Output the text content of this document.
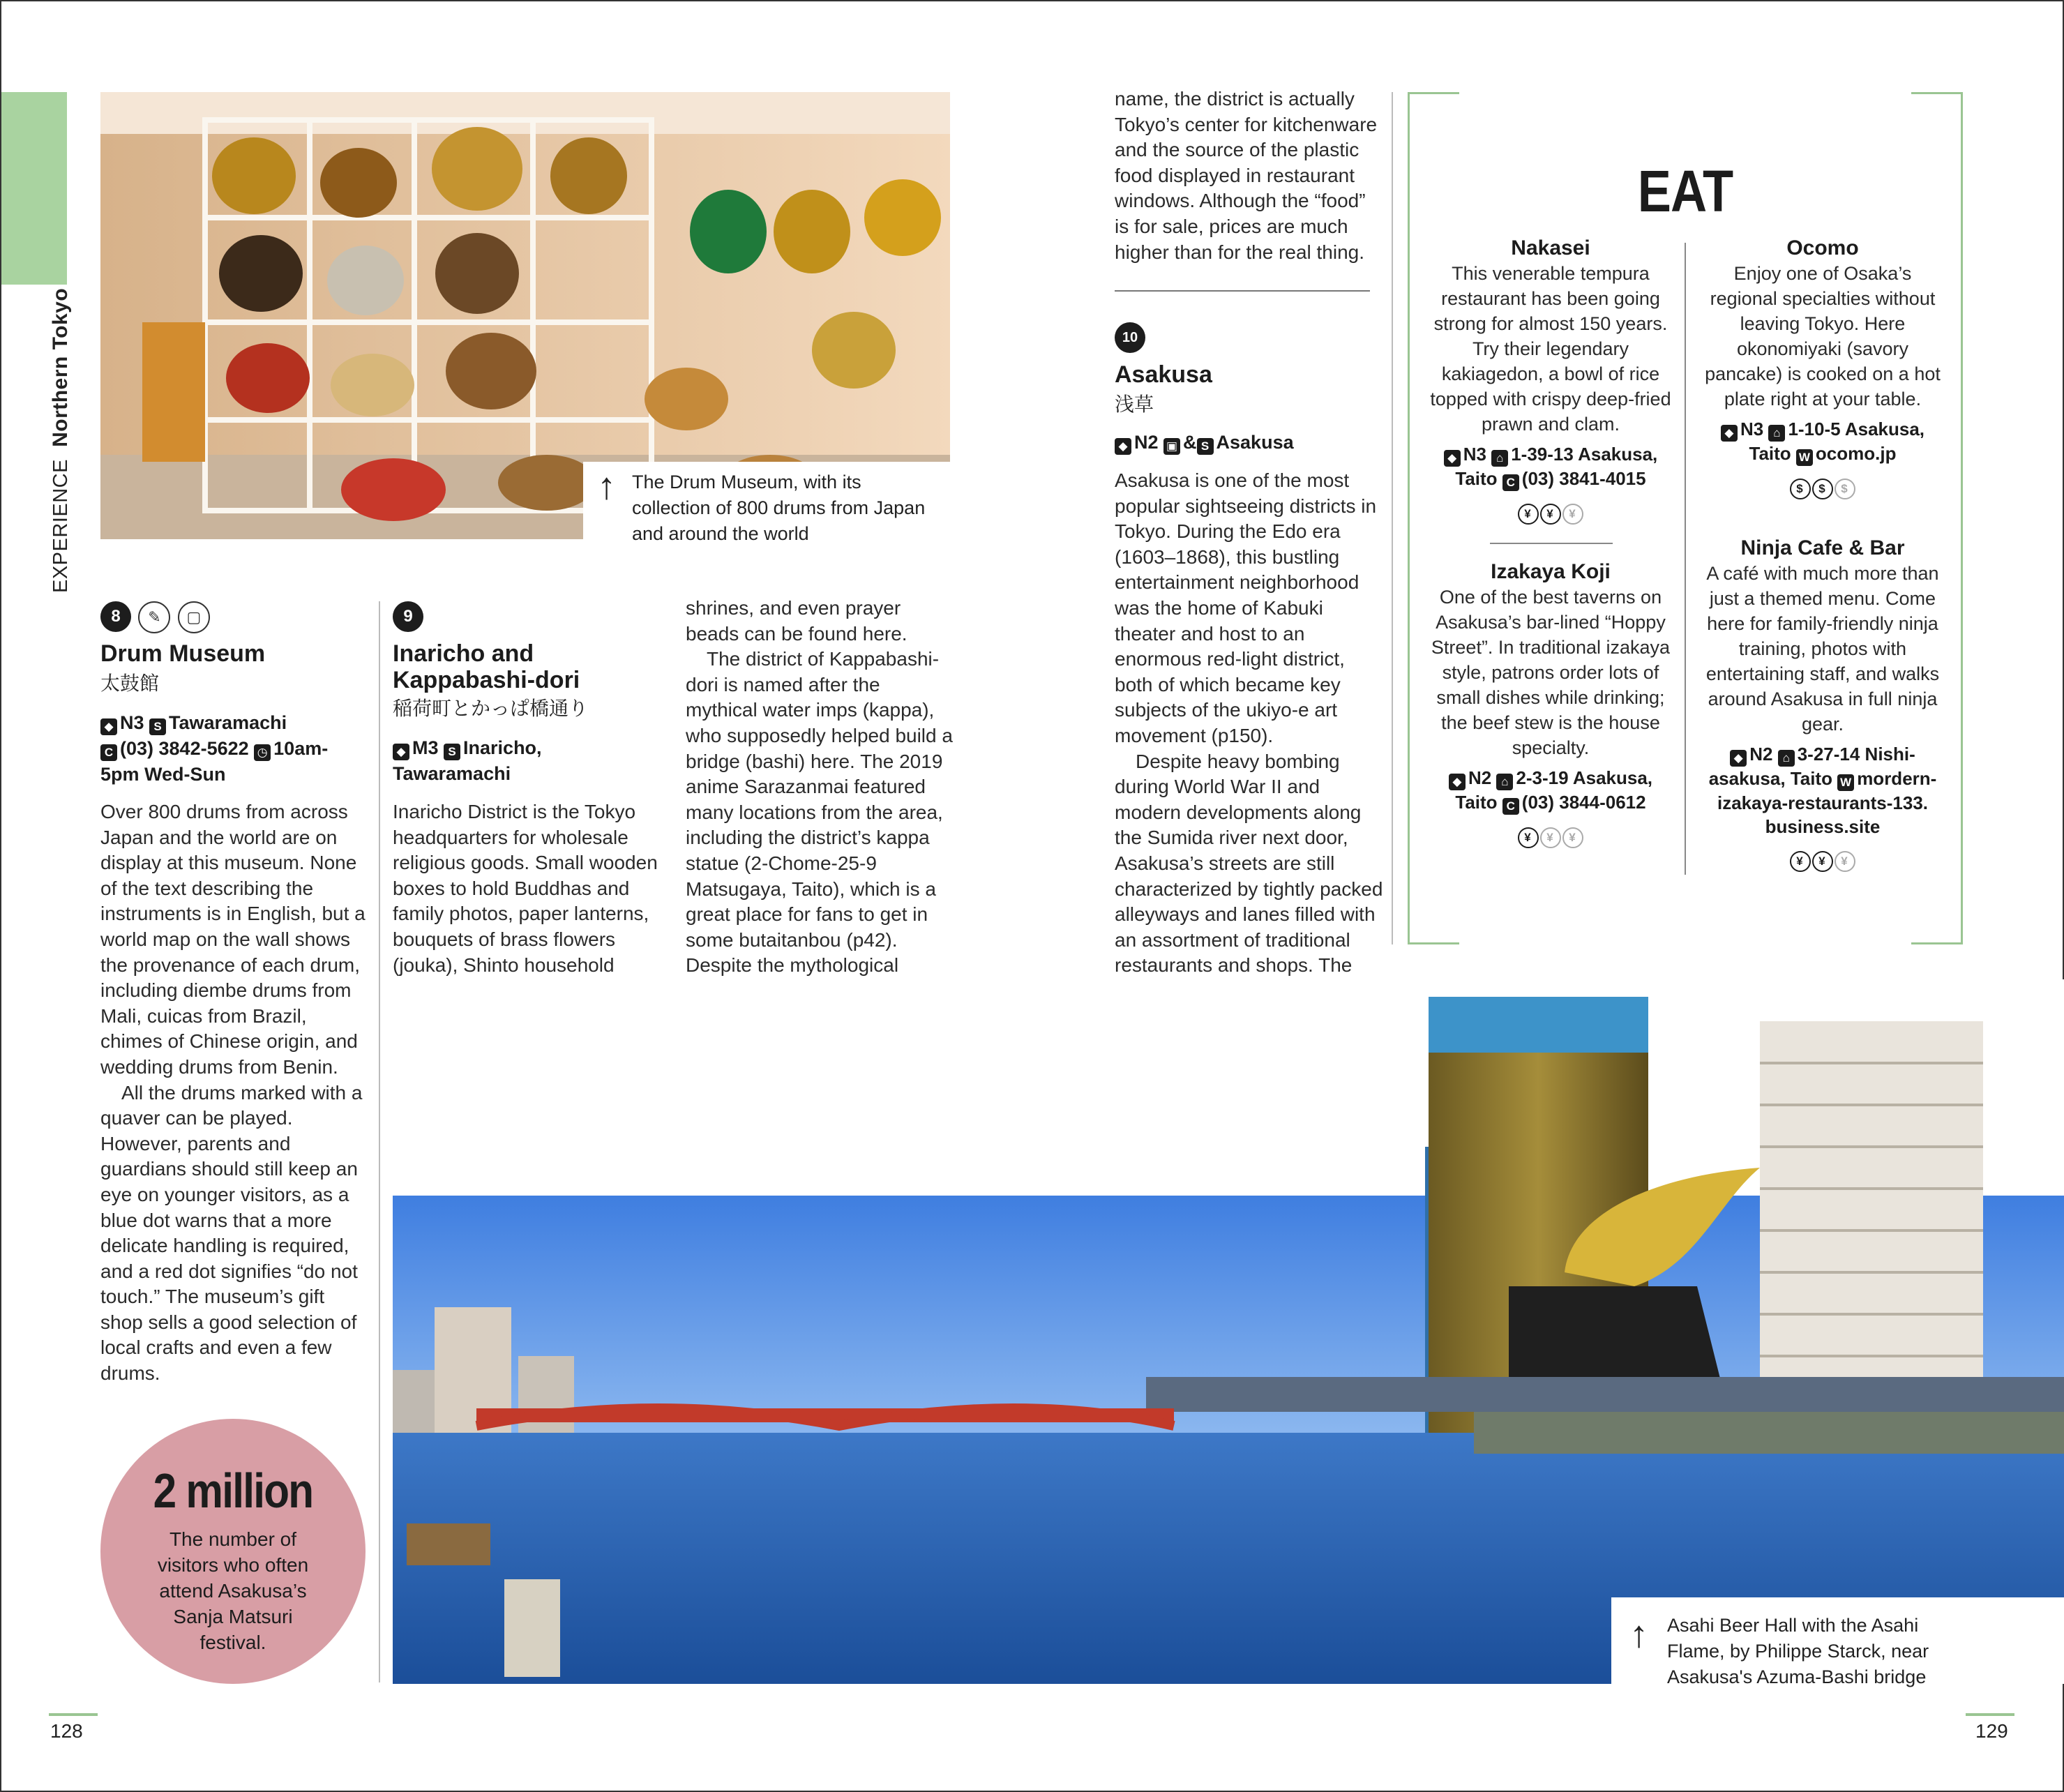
EXPERIENCE  Northern Tokyo
↑ The Drum Museum, with its collection of 800 drums from Japan and around the world
8 ✎ ▢
Drum Museum
太鼓館
◆ N3 S Tawaramachi
C (03) 3842-5622 ◷ 10am-
5pm Wed-Sun

Over 800 drums from across Japan and the world are on display at this museum. None of the text describing the instruments is in English, but a world map on the wall shows the provenance of each drum, including diembe drums from Mali, cuicas from Brazil, chimes of Chinese origin, and wedding drums from Benin.

All the drums marked with a quaver can be played. However, parents and guardians should still keep an eye on younger visitors, as a blue dot warns that a more delicate handling is required, and a red dot signifies “do not touch.” The museum’s gift shop sells a good selection of local crafts and even a few drums.

9
Inaricho and
Kappabashi-dori
稲荷町とかっぱ橋通り
◆ M3 S Inaricho,
Tawaramachi

Inaricho District is the Tokyo headquarters for wholesale religious goods. Small wooden boxes to hold Buddhas and family photos, paper lanterns, bouquets of brass flowers (jouka), Shinto household

shrines, and even prayer beads can be found here.

The district of Kappabashi-dori is named after the mythical water imps (kappa), who supposedly helped build a bridge (bashi) here. The 2019 anime Sarazanmai featured many locations from the area, including the district’s kappa statue (2-Chome-25-9 Matsugaya, Taito), which is a great place for fans to get in some butaitanbou (p42). Despite the mythological

name, the district is actually Tokyo’s center for kitchenware and the source of the plastic food displayed in restaurant windows. Although the “food” is for sale, prices are much higher than for the real thing.

10
Asakusa
浅草
◆ N2 ▣ & S Asakusa

Asakusa is one of the most popular sightseeing districts in Tokyo. During the Edo era (1603–1868), this bustling entertainment neighborhood was the home of Kabuki theater and host to an enormous red-light district, both of which became key subjects of the ukiyo-e art movement (p150).

Despite heavy bombing during World War II and modern developments along the Sumida river next door, Asakusa’s streets are still characterized by tightly packed alleyways and lanes filled with an assortment of traditional restaurants and shops. The

EAT
Nakasei
This venerable tempura restaurant has been going strong for almost 150 years. Try their legendary kakiagedon, a bowl of rice topped with crispy deep-fried prawn and clam.
◆ N3 ⌂ 1-39-13 Asakusa,
Taito C (03) 3841-4015
¥ ¥ ¥
Ocomo
Enjoy one of Osaka’s regional specialties without leaving Tokyo. Here okonomiyaki (savory pancake) is cooked on a hot plate right at your table.
◆ N3 ⌂ 1-10-5 Asakusa,
Taito W ocomo.jp
$ $ $
Izakaya Koji
One of the best taverns on Asakusa’s bar-lined “Hoppy Street”. In traditional izakaya style, patrons order lots of small dishes while drinking; the beef stew is the house specialty.
◆ N2 ⌂ 2-3-19 Asakusa,
Taito C (03) 3844-0612
¥ ¥ ¥
Ninja Cafe & Bar
A café with much more than just a themed menu. Come here for family-friendly ninja training, photos with entertaining staff, and walks around Asakusa in full ninja gear.
◆ N2 ⌂ 3-27-14 Nishi-
asakusa, Taito W mordern-
izakaya-restaurants-133.
business.site
¥ ¥ ¥
↑ Asahi Beer Hall with the Asahi Flame, by Philippe Starck, near Asakusa's Azuma-Bashi bridge
2 million
The number of visitors who often attend Asakusa’s Sanja Matsuri festival.
128	129
